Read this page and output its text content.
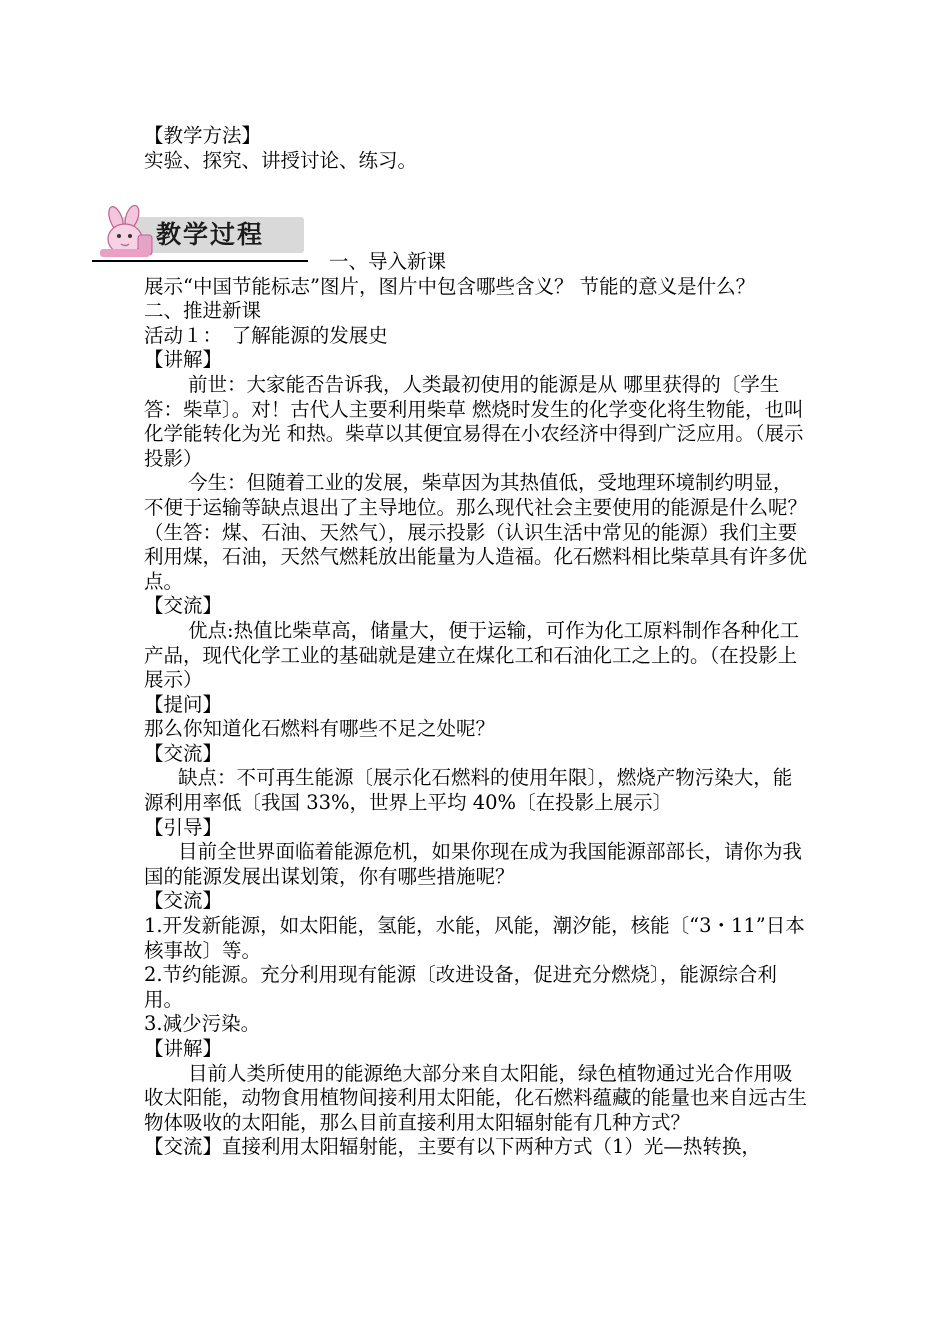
【教学方法】

实验、探究、讲授讨论、练习。

教学过程

一、导入新课

展示“中国节能标志”图片，图片中包含哪些含义？ 节能的意义是什么？

二、推进新课

活动１：　了解能源的发展史

【讲解】

前世：大家能否告诉我，人类最初使用的能源是从 哪里获得的〔学生答：柴草〕。对！古代人主要利用柴草 燃烧时发生的化学变化将生物能，也叫化学能转化为光 和热。柴草以其便宜易得在小农经济中得到广泛应用。（展示投影）

今生：但随着工业的发展，柴草因为其热值低，受地理环境制约明显，不便于运输等缺点退出了主导地位。那么现代社会主要使用的能源是什么呢？（生答：煤、石油、天然气），展示投影（认识生活中常见的能源）我们主要利用煤，石油，天然气燃耗放出能量为人造福。化石燃料相比柴草具有许多优点。

【交流】

优点:热值比柴草高，储量大，便于运输，可作为化工原料制作各种化工产品，现代化学工业的基础就是建立在煤化工和石油化工之上的。（在投影上展示）

【提问】

那么你知道化石燃料有哪些不足之处呢？

【交流】

缺点：不可再生能源〔展示化石燃料的使用年限〕，燃烧产物污染大，能源利用率低〔我国 33%，世界上平均 40%〔在投影上展示〕

【引导】

目前全世界面临着能源危机，如果你现在成为我国能源部部长，请你为我国的能源发展出谋划策，你有哪些措施呢？

【交流】

1.开发新能源，如太阳能，氢能，水能，风能，潮汐能，核能〔“3・11”日本核事故〕等。

2.节约能源。充分利用现有能源〔改进设备，促进充分燃烧〕，能源综合利用。

3.减少污染。

【讲解】

目前人类所使用的能源绝大部分来自太阳能，绿色植物通过光合作用吸收太阳能，动物食用植物间接利用太阳能，化石燃料蕴藏的能量也来自远古生物体吸收的太阳能，那么目前直接利用太阳辐射能有几种方式？

【交流】直接利用太阳辐射能，主要有以下两种方式（1）光—热转换，
